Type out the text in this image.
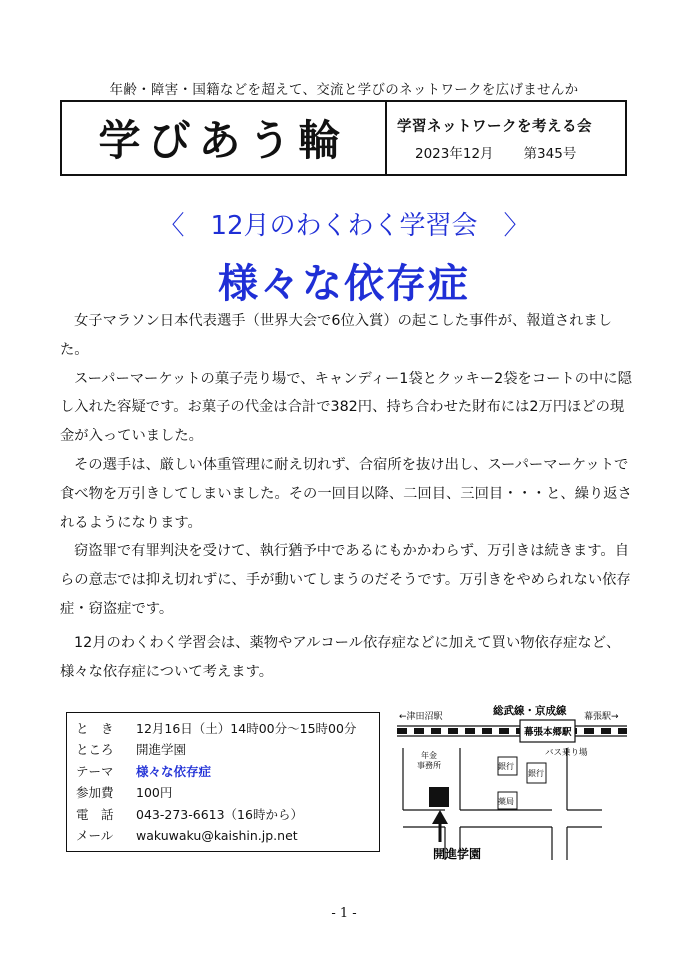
年齢・障害・国籍などを超えて、交流と学びのネットワークを広げませんか
学びあう輪	学習ネットワークを考える会
2023年12月 第345号
〈　12月のわくわく学習会　〉
様々な依存症

女子マラソン日本代表選手（世界大会で6位入賞）の起こした事件が、報道されました。

スーパーマーケットの菓子売り場で、キャンディー1袋とクッキー2袋をコートの中に隠し入れた容疑です。お菓子の代金は合計で382円、持ち合わせた財布には2万円ほどの現金が入っていました。

その選手は、厳しい体重管理に耐え切れず、合宿所を抜け出し、スーパーマーケットで食べ物を万引きしてしまいました。その一回目以降、二回目、三回目・・・と、繰り返されるようになります。

窃盗罪で有罪判決を受けて、執行猶予中であるにもかかわらず、万引きは続きます。自らの意志では抑え切れずに、手が動いてしまうのだそうです。万引きをやめられない依存症・窃盗症です。

12月のわくわく学習会は、薬物やアルコール依存症などに加えて買い物依存症など、様々な依存症について考えます。

と　き	12月16日（土）14時00分～15時00分
ところ	開進学園
テーマ	様々な依存症
参加費	100円
電　話	043-273-6613（16時から）
メール	wakuwaku@kaishin.jp.net
←津田沼駅	総武線・京成線 幕張駅→
幕張本郷駅
バス乗り場
年金
事務所	銀行
銀行
薬局
開進学園
- 1 -
